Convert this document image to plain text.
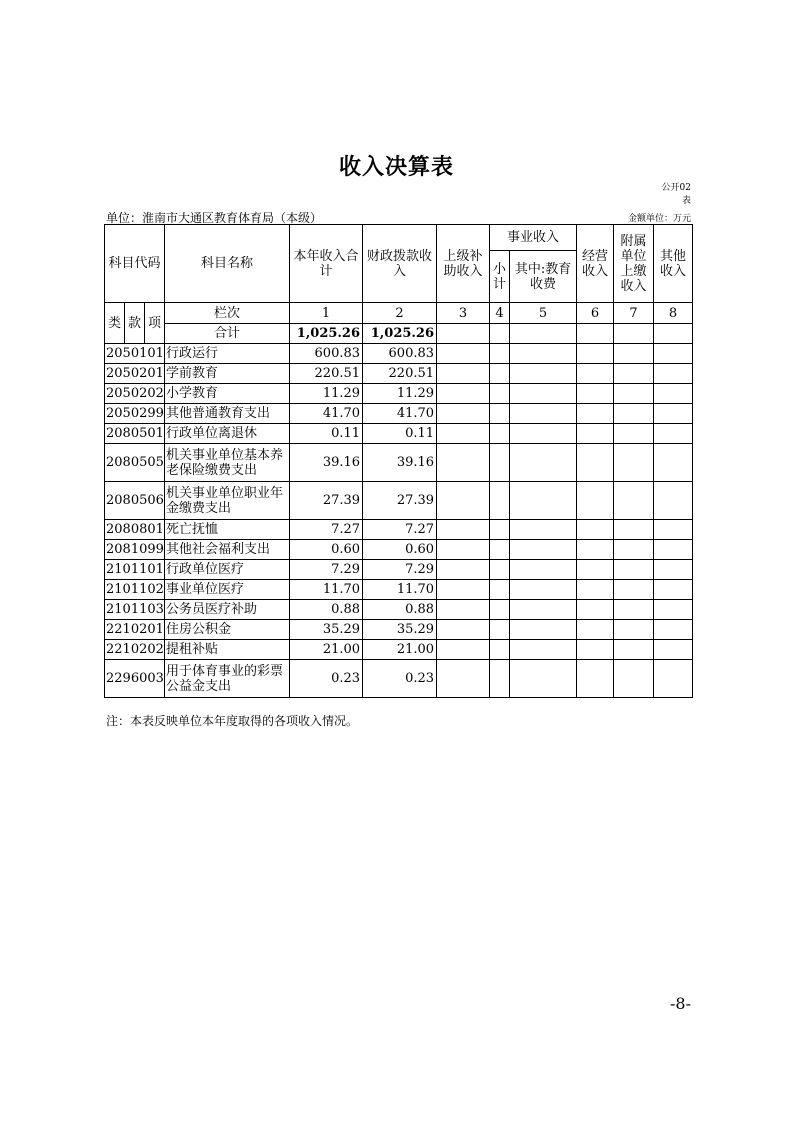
收入决算表
公开02表
单位：淮南市大通区教育体育局（本级）	金额单位：万元
科目代码			科目名称	本年收入合计	财政拨款收入	上级补助收入	事业收入		经营收入	附属单位上缴收入	其他收入
							小计	其中:教育收费			
类	款	项	栏次	1	2	3	4	5	6	7	8
			合计	1,025.26	1,025.26						
2050101			行政运行	600.83	600.83						
2050201			学前教育	220.51	220.51						
2050202			小学教育	11.29	11.29						
2050299			其他普通教育支出	41.70	41.70						
2080501			行政单位离退休	0.11	0.11						
2080505			机关事业单位基本养老保险缴费支出	39.16	39.16						
2080506			机关事业单位职业年金缴费支出	27.39	27.39						
2080801			死亡抚恤	7.27	7.27						
2081099			其他社会福利支出	0.60	0.60						
2101101			行政单位医疗	7.29	7.29						
2101102			事业单位医疗	11.70	11.70						
2101103			公务员医疗补助	0.88	0.88						
2210201			住房公积金	35.29	35.29						
2210202			提租补贴	21.00	21.00						
2296003			用于体育事业的彩票公益金支出	0.23	0.23						
注：本表反映单位本年度取得的各项收入情况。
-8-
